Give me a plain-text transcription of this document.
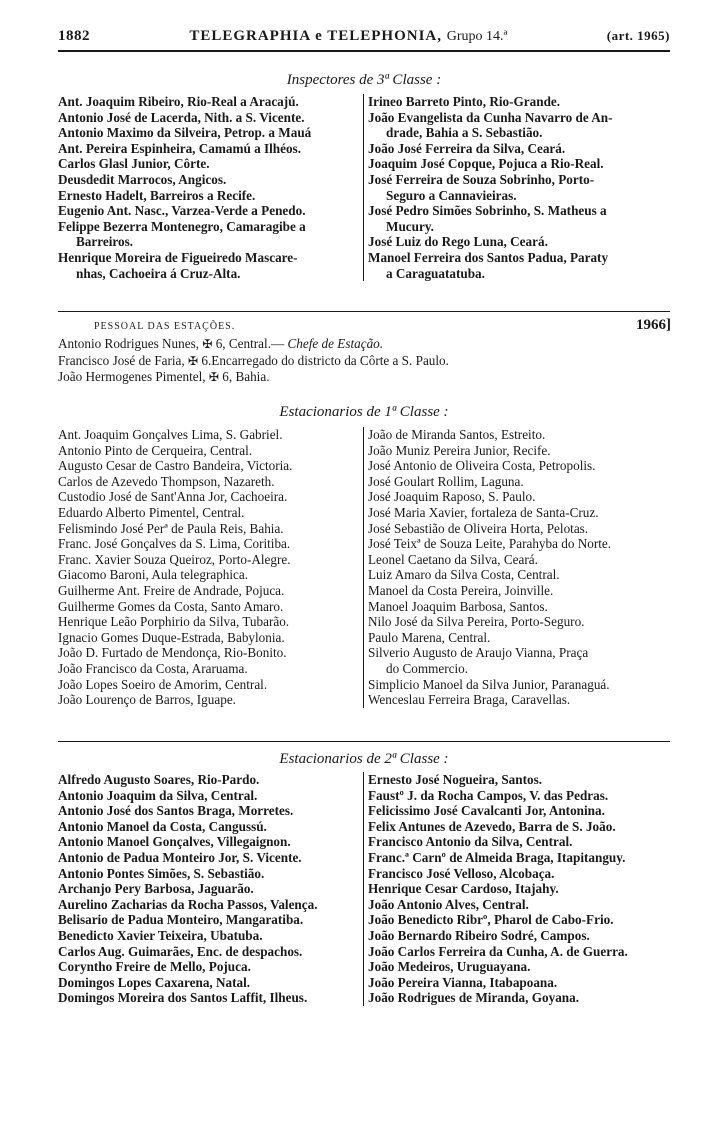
1882	TELEGRAPHIA e TELEPHONIA, Grupo 14.ª	(art. 1965)
Inspectores de 3ª Classe :
Ant. Joaquim Ribeiro, Rio-Real a Aracajú.
Antonio José de Lacerda, Nith. a S. Vicente.
Antonio Maximo da Silveira, Petrop. a Mauá
Ant. Pereira Espinheira, Camamú a Ilhéos.
Carlos Glasl Junior, Côrte.
Deusdedit Marrocos, Angicos.
Ernesto Hadelt, Barreiros a Recife.
Eugenio Ant. Nasc., Varzea-Verde a Penedo.
Felippe Bezerra Montenegro, Camaragibe a
Barreiros.
Henrique Moreira de Figueiredo Mascare-
nhas, Cachoeira á Cruz-Alta.
Irineo Barreto Pinto, Rio-Grande.
João Evangelista da Cunha Navarro de An-
drade, Bahia a S. Sebastião.
João José Ferreira da Silva, Ceará.
Joaquim José Copque, Pojuca a Rio-Real.
José Ferreira de Souza Sobrinho, Porto-
Seguro a Cannavieiras.
José Pedro Simões Sobrinho, S. Matheus a
Mucury.
José Luiz do Rego Luna, Ceará.
Manoel Ferreira dos Santos Padua, Paraty
a Caraguatatuba.
PESSOAL DAS ESTAÇÕES.	1966]
Antonio Rodrigues Nunes, ✠ 6, Central.— Chefe de Estação.
Francisco José de Faria, ✠ 6.Encarregado do districto da Côrte a S. Paulo.
João Hermogenes Pimentel, ✠ 6, Bahia.
Estacionarios de 1ª Classe :
Ant. Joaquim Gonçalves Lima, S. Gabriel.
Antonio Pinto de Cerqueira, Central.
Augusto Cesar de Castro Bandeira, Victoria.
Carlos de Azevedo Thompson, Nazareth.
Custodio José de Sant'Anna Jor, Cachoeira.
Eduardo Alberto Pimentel, Central.
Felismindo José Perª de Paula Reis, Bahia.
Franc. José Gonçalves da S. Lima, Coritiba.
Franc. Xavier Souza Queiroz, Porto-Alegre.
Giacomo Baroni, Aula telegraphica.
Guilherme Ant. Freire de Andrade, Pojuca.
Guilherme Gomes da Costa, Santo Amaro.
Henrique Leão Porphirio da Silva, Tubarão.
Ignacio Gomes Duque-Estrada, Babylonia.
João D. Furtado de Mendonça, Rio-Bonito.
João Francisco da Costa, Araruama.
João Lopes Soeiro de Amorim, Central.
João Lourenço de Barros, Iguape.
João de Miranda Santos, Estreito.
João Muniz Pereira Junior, Recife.
José Antonio de Oliveira Costa, Petropolis.
José Goulart Rollim, Laguna.
José Joaquim Raposo, S. Paulo.
José Maria Xavier, fortaleza de Santa-Cruz.
José Sebastião de Oliveira Horta, Pelotas.
José Teixª de Souza Leite, Parahyba do Norte.
Leonel Caetano da Silva, Ceará.
Luiz Amaro da Silva Costa, Central.
Manoel da Costa Pereira, Joinville.
Manoel Joaquim Barbosa, Santos.
Nilo José da Silva Pereira, Porto-Seguro.
Paulo Marena, Central.
Silverio Augusto de Araujo Vianna, Praça
do Commercio.
Simplicio Manoel da Silva Junior, Paranaguá.
Wenceslau Ferreira Braga, Caravellas.
Estacionarios de 2ª Classe :
Alfredo Augusto Soares, Rio-Pardo.
Antonio Joaquim da Silva, Central.
Antonio José dos Santos Braga, Morretes.
Antonio Manoel da Costa, Cangussú.
Antonio Manoel Gonçalves, Villegaignon.
Antonio de Padua Monteiro Jor, S. Vicente.
Antonio Pontes Simões, S. Sebastião.
Archanjo Pery Barbosa, Jaguarão.
Aurelino Zacharias da Rocha Passos, Valença.
Belisario de Padua Monteiro, Mangaratiba.
Benedicto Xavier Teixeira, Ubatuba.
Carlos Aug. Guimarães, Enc. de despachos.
Corynthо Freire de Mello, Pojuca.
Domingos Lopes Caxarena, Natal.
Domingos Moreira dos Santos Laffit, Ilheus.
Ernesto José Nogueira, Santos.
Faustº J. da Rocha Campos, V. das Pedras.
Felicissimo José Cavalcanti Jor, Antonina.
Felix Antunes de Azevedo, Barra de S. João.
Francisco Antonio da Silva, Central.
Franc.ª Carnº de Almeida Braga, Itapitanguy.
Francisco José Velloso, Alcobaça.
Henrique Cesar Cardoso, Itajahy.
João Antonio Alves, Central.
João Benedicto Ribrº, Pharol de Cabo-Frio.
João Bernardo Ribeiro Sodré, Campos.
João Carlos Ferreira da Cunha, A. de Guerra.
João Medeiros, Uruguayana.
João Pereira Vianna, Itabapoana.
João Rodrigues de Miranda, Goyana.
